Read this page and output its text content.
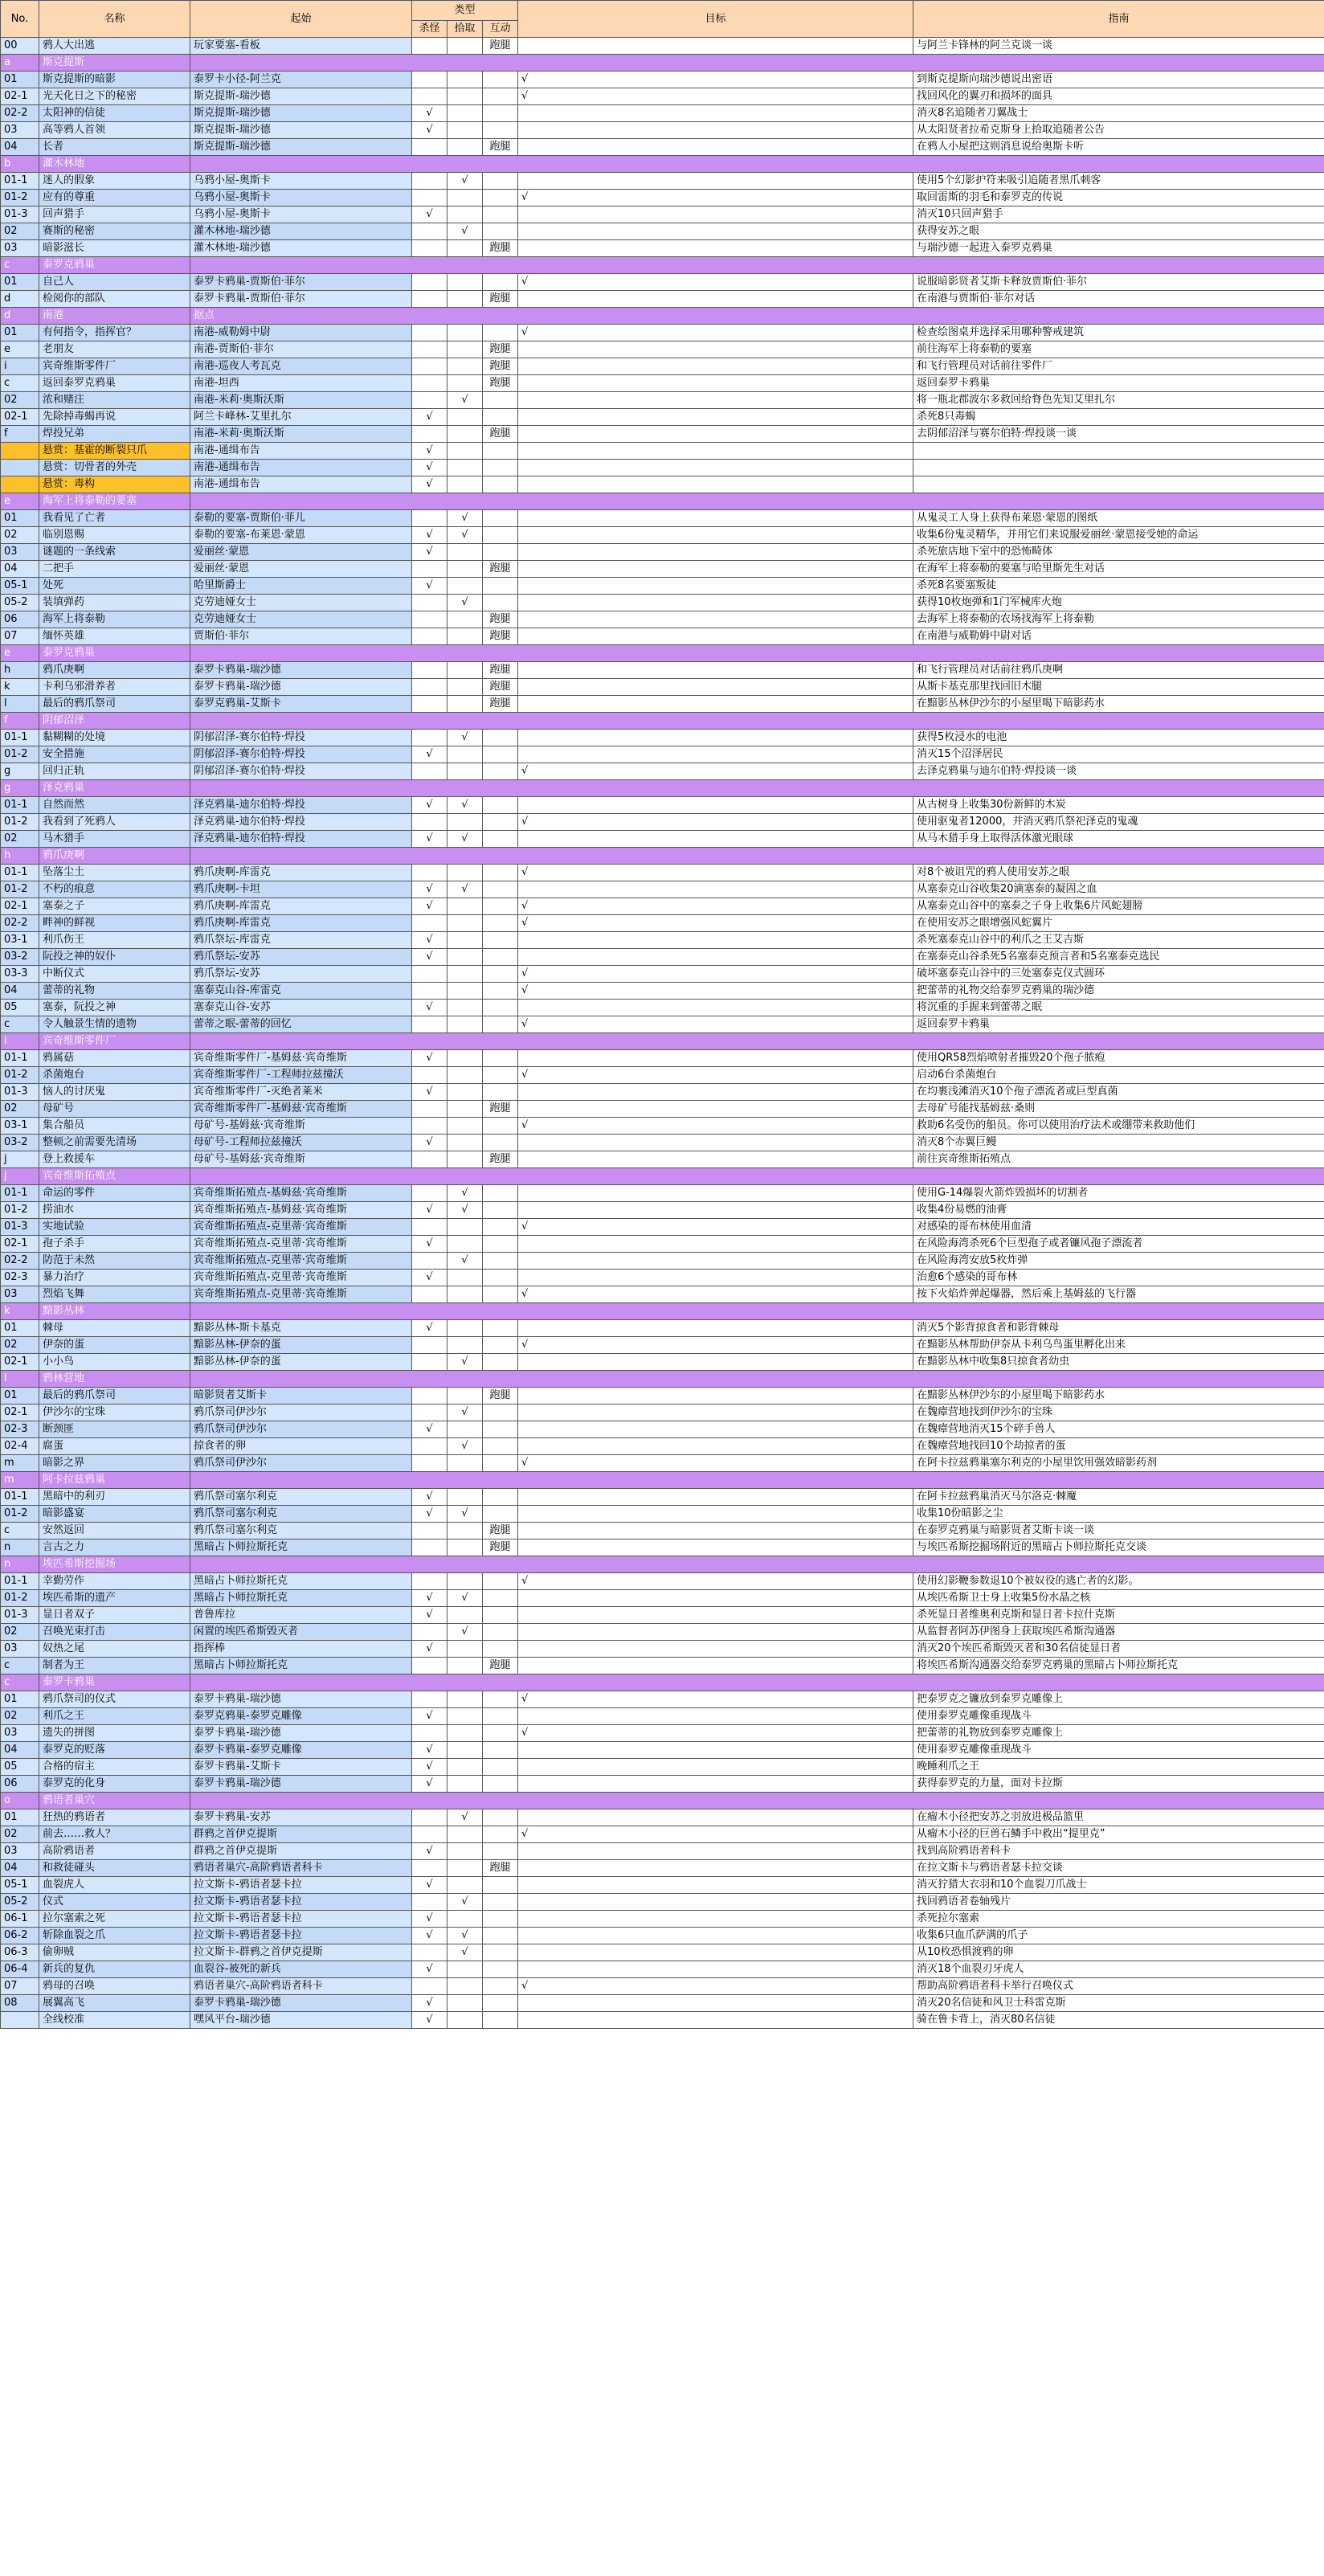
No.	名称	起始	类型			目标	指南	
			杀怪	拾取	互动			
00	鸦人大出逃	玩家要塞-看板			跑腿		与阿兰卡锋林的阿兰克谈一谈	
a	斯克提斯							
01	斯克提斯的暗影	泰罗卡小径-阿兰克				√	到斯克提斯向瑞沙德说出密语	
02-1	光天化日之下的秘密	斯克提斯-瑞沙德				√	找回风化的翼刃和损坏的面具	
02-2	太阳神的信徒	斯克提斯-瑞沙德	√				消灭8名追随者刀翼战士	
03	高等鸦人首领	斯克提斯-瑞沙德	√				从太阳贤者拉希克斯身上拾取追随者公告	
04	长者	斯克提斯-瑞沙德			跑腿		在鸦人小屋把这则消息说给奥斯卡听	
b	灌木林地							
01-1	迷人的假象	乌鸦小屋-奥斯卡		√			使用5个幻影护符来吸引追随者黑爪刺客	
01-2	应有的尊重	乌鸦小屋-奥斯卡				√	取回雷斯的羽毛和泰罗克的传说	
01-3	回声猎手	乌鸦小屋-奥斯卡	√				消灭10只回声猎手	
02	赛斯的秘密	灌木林地-瑞沙德		√			获得安苏之眼	
03	暗影滋长	灌木林地-瑞沙德			跑腿		与瑞沙德一起进入泰罗克鸦巢	
c	泰罗克鸦巢							
01	自己人	泰罗卡鸦巢-贾斯伯·菲尔				√	说服暗影贤者艾斯卡释放贾斯伯·菲尔	
d	检阅你的部队	泰罗卡鸦巢-贾斯伯·菲尔			跑腿		在南港与贾斯伯·菲尔对话	
d	南港	据点						
01	有何指令，指挥官？	南港-威勒姆中尉				√	检查绘图桌并选择采用哪种警戒建筑	
e	老朋友	南港-贾斯伯·菲尔			跑腿		前往海军上将泰勒的要塞	
i	宾奇维斯零件厂	南港-巡夜人考瓦克			跑腿		和飞行管理员对话前往零件厂	
c	返回泰罗克鸦巢	南港-坦西			跑腿		返回泰罗卡鸦巢	
02	浓和赌注	南港-米莉·奥斯沃斯		√			将一瓶北郡波尔多救回给脊色先知艾里扎尔	
02-1	先除掉毒蝎再说	阿兰卡峰林-艾里扎尔	√				杀死8只毒蝎	
f	焊投兄弟	南港-米莉·奥斯沃斯			跑腿		去阴郁沼泽与赛尔伯特·焊投谈一谈	
	悬赏：基霍的断裂只爪	南港-通缉布告	√					
	悬赏：切骨者的外壳	南港-通缉布告	√					
	悬赏：毒构	南港-通缉布告	√					
e	海军上将泰勒的要塞							
01	我看见了亡者	泰勒的要塞-贾斯伯·菲儿		√			从鬼灵工人身上获得布莱恩·蒙恩的图纸	
02	临别恩赐	泰勒的要塞-布莱恩·蒙恩	√	√			收集6份鬼灵精华，并用它们来说服爱丽丝·蒙恩接受她的命运	
03	谜题的一条线索	爱丽丝·蒙恩	√				杀死旅店地下室中的恐怖畸体	
04	二把手	爱丽丝·蒙恩			跑腿		在海军上将泰勒的要塞与哈里斯先生对话	
05-1	处死	哈里斯爵士	√				杀死8名要塞叛徒	
05-2	装填弹药	克劳迪娅女士		√			获得10枚炮弹和1门军械库火炮	
06	海军上将泰勒	克劳迪娅女士			跑腿		去海军上将泰勒的农场找海军上将泰勒	
07	缅怀英雄	贾斯伯·菲尔			跑腿		在南港与威勒姆中尉对话	
e	泰罗克鸦巢							
h	鸦爪庚啊	泰罗卡鸦巢-瑞沙德			跑腿		和飞行管理员对话前往鸦爪庚啊	
k	卡利乌邪滑养者	泰罗卡鸦巢-瑞沙德			跑腿		从斯卡基克那里找回旧木腿	
l	最后的鸦爪祭司	泰罗克鸦巢-艾斯卡			跑腿		在黯影丛林伊沙尔的小屋里喝下暗影药水	
f	阴郁沼泽							
01-1	黏糊糊的处境	阴郁沼泽-赛尔伯特·焊投		√			获得5枚浸水的电池	
01-2	安全措施	阴郁沼泽-赛尔伯特·焊投	√				消灭15个沼泽居民	
g	回归正轨	阴郁沼泽-赛尔伯特·焊投				√	去泽克鸦巢与迪尔伯特·焊投谈一谈	
g	泽克鸦巢							
01-1	自然而然	泽克鸦巢-迪尔伯特·焊投	√	√			从古树身上收集30份新鲜的木炭	
01-2	我看到了死鸦人	泽克鸦巢-迪尔伯特·焊投				√	使用驱鬼者12000，并消灭鸦爪祭祀泽克的鬼魂	
02	马木猎手	泽克鸦巢-迪尔伯特·焊投	√	√			从马木猎手身上取得活体激光眼球	
h	鸦爪庚啊							
01-1	坠落尘土	鸦爪庚啊-库雷克				√	对8个被诅咒的鸦人使用安苏之眼	
01-2	不朽的痕意	鸦爪庚啊-卡坦	√	√			从塞泰克山谷收集20滴塞泰的凝固之血	
02-1	塞泰之子	鸦爪庚啊-库雷克	√			√	从塞泰克山谷中的塞泰之子身上收集6片风蛇翅膀	
02-2	畔神的鲜视	鸦爪庚啊-库雷克				√	在使用安苏之眼增强风蛇翼片	
03-1	利爪伤王	鸦爪祭坛-库雷克	√				杀死塞泰克山谷中的利爪之王艾吉斯	
03-2	阮投之神的奴仆	鸦爪祭坛-安苏	√				在塞泰克山谷杀死5名塞泰克预言者和5名塞泰克选民	
03-3	中断仪式	鸦爪祭坛-安苏				√	破坏塞泰克山谷中的三处塞泰克仪式圆环	
04	蕾蒂的礼物	塞泰克山谷-库雷克				√	把蕾蒂的礼物交给泰罗克鸦巢的瑞沙德	
05	塞泰，阮投之神	塞泰克山谷-安苏	√				将沉重的手握来到蕾蒂之眠	
c	令人触景生情的遗物	蕾蒂之眠-蕾蒂的回忆				√	返回泰罗卡鸦巢	
i	宾奇维斯零件厂							
01-1	鸦属菇	宾奇维斯零件厂-基姆兹·宾奇维斯	√				使用QR58烈焰喷射者摧毁20个孢子脓疱	
01-2	杀菌炮台	宾奇维斯零件厂-工程师拉兹撞沃				√	启动6台杀菌炮台	
01-3	恼人的讨厌鬼	宾奇维斯零件厂-灭绝者莱米	√				在均裹浅滩消灭10个孢子漂流者或巨型真菌	
02	母矿号	宾奇维斯零件厂-基姆兹·宾奇维斯			跑腿		去母矿号能找基姆兹·桑则	
03-1	集合船员	母矿号-基姆兹·宾奇维斯				√	救助6名受伤的船员。你可以使用治疗法术或绷带来救助他们	
03-2	整顿之前需要先清场	母矿号-工程师拉兹撞沃	√				消灭8个赤翼巨鳗	
j	登上救援车	母矿号-基姆兹·宾奇维斯			跑腿		前往宾奇维斯拓殖点	
j	宾奇维斯拓殖点							
01-1	命运的零件	宾奇维斯拓殖点-基姆兹·宾奇维斯		√			使用G-14爆裂火箭炸毁损坏的切割者	
01-2	捞油水	宾奇维斯拓殖点-基姆兹·宾奇维斯	√	√			收集4份易燃的油膏	
01-3	实地试验	宾奇维斯拓殖点-克里蒂·宾奇维斯				√	对感染的哥布林使用血清	
02-1	孢子杀手	宾奇维斯拓殖点-克里蒂·宾奇维斯	√				在风险海湾杀死6个巨型孢子或者镰风孢子漂流者	
02-2	防范于未然	宾奇维斯拓殖点-克里蒂·宾奇维斯		√			在风险海湾安放5枚炸弹	
02-3	暴力治疗	宾奇维斯拓殖点-克里蒂·宾奇维斯	√				治愈6个感染的哥布林	
03	烈焰飞舞	宾奇维斯拓殖点-克里蒂·宾奇维斯				√	按下火焰炸弹起爆器，然后乘上基姆兹的飞行器	
k	黯影丛林							
01	棘母	黯影丛林-斯卡基克	√				消灭5个影背掠食者和影背棘母	
02	伊奈的蛋	黯影丛林-伊奈的蛋				√	在黯影丛林帮助伊奈从卡利乌鸟蛋里孵化出来	
02-1	小小鸟	黯影丛林-伊奈的蛋		√			在黯影丛林中收集8只掠食者幼虫	
l	鸦林营地							
01	最后的鸦爪祭司	暗影贤者艾斯卡			跑腿		在黯影丛林伊沙尔的小屋里喝下暗影药水	
02-1	伊沙尔的宝珠	鸦爪祭司伊沙尔		√			在魏瘴营地找到伊沙尔的宝珠	
02-3	断颈匪	鸦爪祭司伊沙尔	√				在魏瘴营地消灭15个碎手兽人	
02-4	腐蛋	掠食者的卵		√			在魏瘴营地找回10个劫掠者的蛋	
m	暗影之界	鸦爪祭司伊沙尔				√	在阿卡拉兹鸦巢塞尔利克的小屋里饮用强效暗影药剂	
m	阿卡拉兹鸦巢							
01-1	黑暗中的利刃	鸦爪祭司塞尔利克	√				在阿卡拉兹鸦巢消灭马尔洛克·棘魔	
01-2	暗影盛宴	鸦爪祭司塞尔利克	√	√			收集10份暗影之尘	
c	安然返回	鸦爪祭司塞尔利克			跑腿		在泰罗克鸦巢与暗影贤者艾斯卡谈一谈	
n	言古之力	黑暗占卜师拉斯托克			跑腿		与埃匹希斯挖掘场附近的黑暗占卜师拉斯托克交谈	
n	埃匹希斯挖掘场							
01-1	幸勤劳作	黑暗占卜师拉斯托克				√	使用幻影鞭参数退10个被奴役的逃亡者的幻影。	
01-2	埃匹希斯的遗产	黑暗占卜师拉斯托克	√	√			从埃匹希斯卫士身上收集5份水晶之核	
01-3	显日者双子	普鲁库拉	√				杀死显日者维奥利克斯和显日者卡拉什克斯	
02	召唤光束打击	闲置的埃匹希斯毁灭者		√			从监督者阿苏伊图身上获取埃匹希斯沟通器	
03	奴热之尾	指挥棒	√				消灭20个埃匹希斯毁灭者和30名信徒显日者	
c	制者为王	黑暗占卜师拉斯托克			跑腿		将埃匹希斯沟通器交给泰罗克鸦巢的黑暗占卜师拉斯托克	
c	泰罗卡鸦巢							
01	鸦爪祭司的仪式	泰罗卡鸦巢-瑞沙德				√	把泰罗克之镰放到泰罗克雕像上	
02	利爪之王	泰罗克鸦巢-泰罗克雕像	√				使用泰罗克雕像重现战斗	
03	遗失的拼图	泰罗卡鸦巢-瑞沙德				√	把蕾蒂的礼物放到泰罗克雕像上	
04	泰罗克的贬落	泰罗卡鸦巢-泰罗克雕像	√				使用泰罗克雕像重现战斗	
05	合格的宿主	泰罗卡鸦巢-艾斯卡	√				晚睡利爪之王	
06	泰罗克的化身	泰罗卡鸦巢-瑞沙德	√				获得泰罗克的力量，面对卡拉斯	
o	鸦语者巢穴							
01	狂热的鸦语者	泰罗卡鸦巢-安苏		√			在瘤木小径把安苏之羽放进极品篮里	
02	前去……救人？	群鸦之首伊克提斯				√	从瘤木小径的巨兽石鳞手中救出“提里克”	
03	高阶鸦语者	群鸦之首伊克提斯	√				找到高阶鸦语者科卡	
04	和救徒碰头	鸦语者巢穴-高阶鸦语者科卡			跑腿		在拉文斯卡与鸦语者瑟卡拉交谈	
05-1	血裂虎人	拉文斯卡-鸦语者瑟卡拉	√				消灭狞猎大衣羽和10个血裂刀爪战士	
05-2	仪式	拉文斯卡-鸦语者瑟卡拉		√			找回鸦语者卷轴残片	
06-1	拉尔塞索之死	拉文斯卡-鸦语者瑟卡拉	√				杀死拉尔塞索	
06-2	斩除血裂之爪	拉文斯卡-鸦语者瑟卡拉	√	√			收集6只血爪萨满的爪子	
06-3	偷卵贼	拉文斯卡-群鸦之首伊克提斯		√			从10枚恐惧渡鸦的卵	
06-4	新兵的复仇	血裂谷-被死的新兵	√				消灭18个血裂刃牙虎人	
07	鸦母的召唤	鸦语者巢穴-高阶鸦语者科卡				√	帮助高阶鸦语者科卡举行召唤仪式	
08	展翼高飞	泰罗卡鸦巢-瑞沙德	√				消灭20名信徒和风卫士科雷克斯	
	全线校准	嘿风平台-瑞沙德	√				骑在鲁卡背上，消灭80名信徒	
